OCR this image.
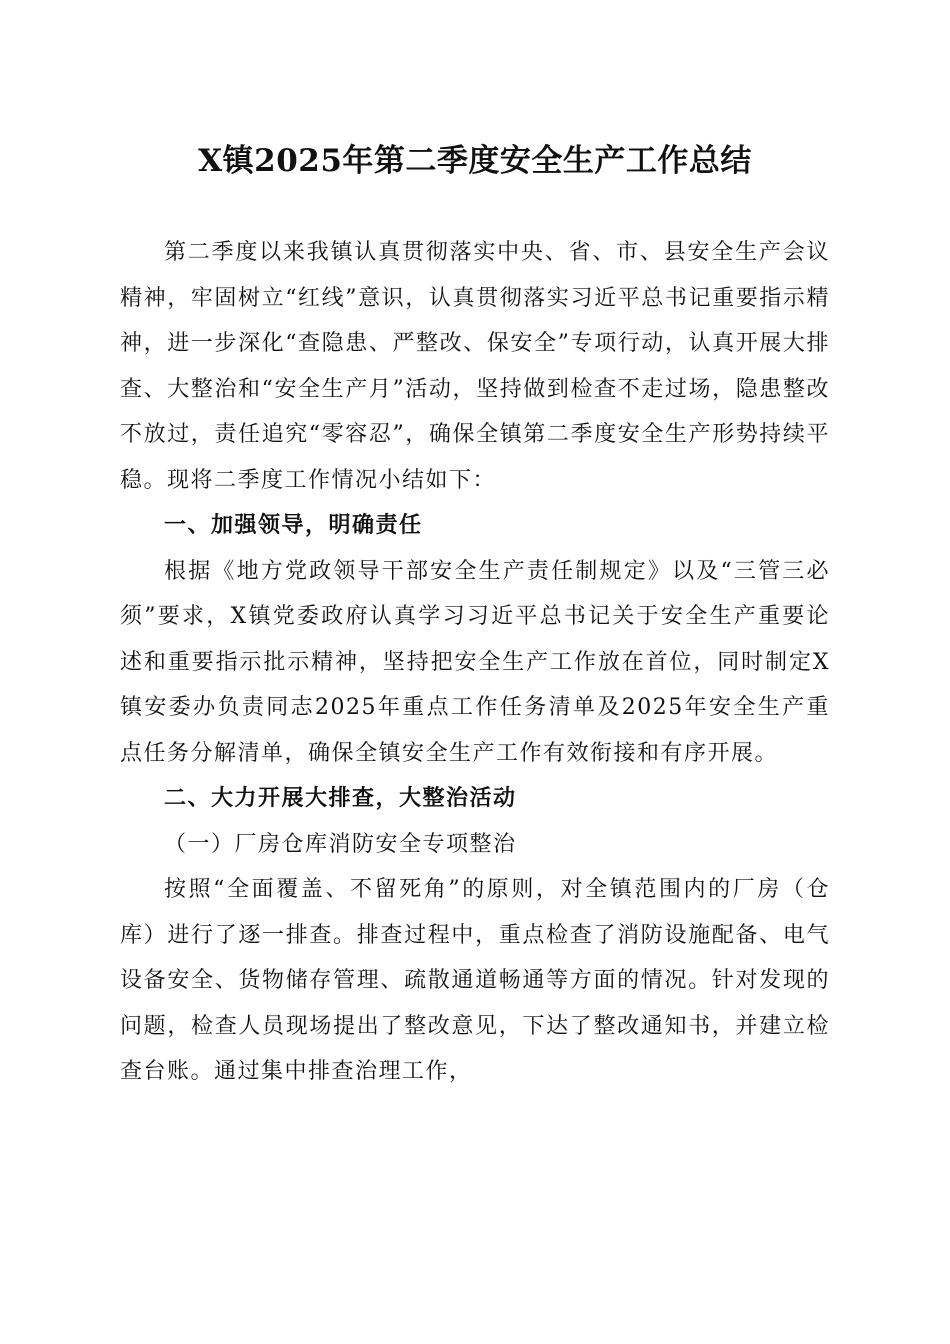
X镇2025年第二季度安全生产工作总结

第二季度以来我镇认真贯彻落实中央、省、市、县安全生产会议精神，牢固树立“红线”意识，认真贯彻落实习近平总书记重要指示精神，进一步深化“查隐患、严整改、保安全”专项行动，认真开展大排查、大整治和“安全生产月”活动，坚持做到检查不走过场，隐患整改不放过，责任追究“零容忍”，确保全镇第二季度安全生产形势持续平稳。现将二季度工作情况小结如下：

一、加强领导，明确责任

根据《地方党政领导干部安全生产责任制规定》以及“三管三必须”要求，X镇党委政府认真学习习近平总书记关于安全生产重要论述和重要指示批示精神，坚持把安全生产工作放在首位，同时制定X镇安委办负责同志2025年重点工作任务清单及2025年安全生产重点任务分解清单，确保全镇安全生产工作有效衔接和有序开展。

二、大力开展大排查，大整治活动

（一）厂房仓库消防安全专项整治

按照“全面覆盖、不留死角”的原则，对全镇范围内的厂房（仓库）进行了逐一排查。排查过程中，重点检查了消防设施配备、电气设备安全、货物储存管理、疏散通道畅通等方面的情况。针对发现的问题，检查人员现场提出了整改意见，下达了整改通知书，并建立检查台账。通过集中排查治理工作，
